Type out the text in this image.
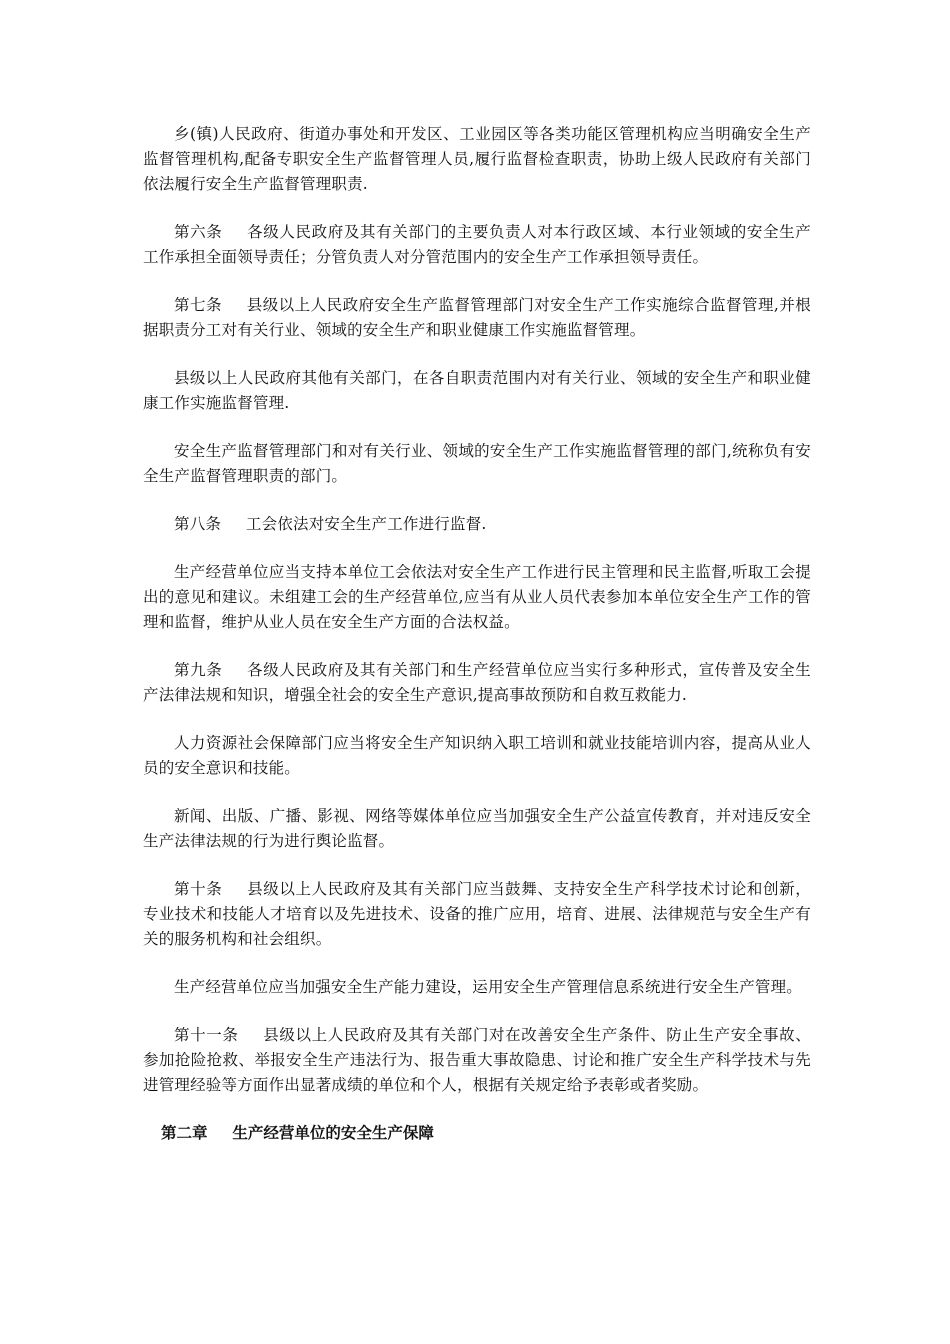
乡(镇)人民政府、街道办事处和开发区、工业园区等各类功能区管理机构应当明确安全生产监督管理机构,配备专职安全生产监督管理人员,履行监督检查职责，协助上级人民政府有关部门依法履行安全生产监督管理职责.

第六条 各级人民政府及其有关部门的主要负责人对本行政区域、本行业领域的安全生产工作承担全面领导责任；分管负责人对分管范围内的安全生产工作承担领导责任。

第七条 县级以上人民政府安全生产监督管理部门对安全生产工作实施综合监督管理,并根据职责分工对有关行业、领域的安全生产和职业健康工作实施监督管理。

县级以上人民政府其他有关部门，在各自职责范围内对有关行业、领域的安全生产和职业健康工作实施监督管理.

安全生产监督管理部门和对有关行业、领域的安全生产工作实施监督管理的部门,统称负有安全生产监督管理职责的部门。

第八条 工会依法对安全生产工作进行监督.

生产经营单位应当支持本单位工会依法对安全生产工作进行民主管理和民主监督,听取工会提出的意见和建议。未组建工会的生产经营单位,应当有从业人员代表参加本单位安全生产工作的管理和监督，维护从业人员在安全生产方面的合法权益。

第九条 各级人民政府及其有关部门和生产经营单位应当实行多种形式，宣传普及安全生产法律法规和知识，增强全社会的安全生产意识,提高事故预防和自救互救能力.

人力资源社会保障部门应当将安全生产知识纳入职工培训和就业技能培训内容，提高从业人员的安全意识和技能。

新闻、出版、广播、影视、网络等媒体单位应当加强安全生产公益宣传教育，并对违反安全生产法律法规的行为进行舆论监督。

第十条 县级以上人民政府及其有关部门应当鼓舞、支持安全生产科学技术讨论和创新，专业技术和技能人才培育以及先进技术、设备的推广应用，培育、进展、法律规范与安全生产有关的服务机构和社会组织。

生产经营单位应当加强安全生产能力建设，运用安全生产管理信息系统进行安全生产管理。

第十一条 县级以上人民政府及其有关部门对在改善安全生产条件、防止生产安全事故、参加抢险抢救、举报安全生产违法行为、报告重大事故隐患、讨论和推广安全生产科学技术与先进管理经验等方面作出显著成绩的单位和个人，根据有关规定给予表彰或者奖励。

第二章 生产经营单位的安全生产保障
